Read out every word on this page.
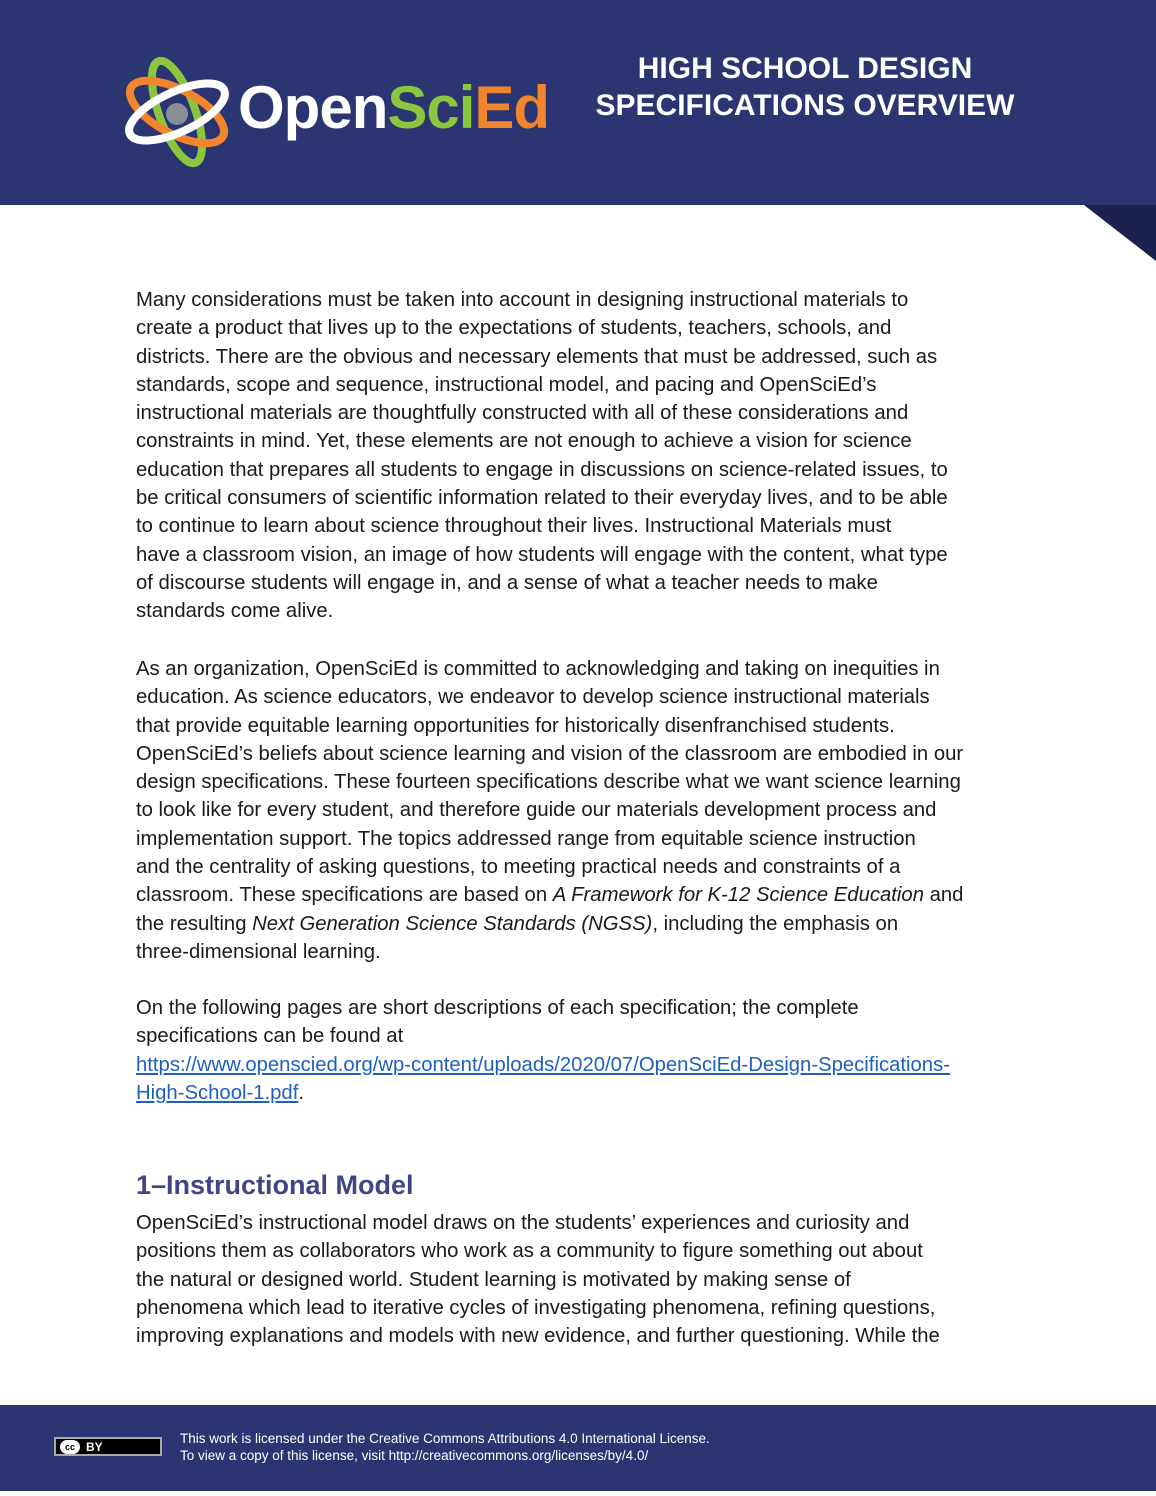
OpenSciEd
HIGH SCHOOL DESIGN
SPECIFICATIONS OVERVIEW
Many considerations must be taken into account in designing instructional materials to
create a product that lives up to the expectations of students, teachers, schools, and
districts. There are the obvious and necessary elements that must be addressed, such as
standards, scope and sequence, instructional model, and pacing and OpenSciEd’s
instructional materials are thoughtfully constructed with all of these considerations and
constraints in mind. Yet, these elements are not enough to achieve a vision for science
education that prepares all students to engage in discussions on science-related issues, to
be critical consumers of scientific information related to their everyday lives, and to be able
to continue to learn about science throughout their lives. Instructional Materials must
have a classroom vision, an image of how students will engage with the content, what type
of discourse students will engage in, and a sense of what a teacher needs to make
standards come alive.
As an organization, OpenSciEd is committed to acknowledging and taking on inequities in
education. As science educators, we endeavor to develop science instructional materials
that provide equitable learning opportunities for historically disenfranchised students.
OpenSciEd’s beliefs about science learning and vision of the classroom are embodied in our
design specifications. These fourteen specifications describe what we want science learning
to look like for every student, and therefore guide our materials development process and
implementation support. The topics addressed range from equitable science instruction
and the centrality of asking questions, to meeting practical needs and constraints of a
classroom. These specifications are based on A Framework for K-12 Science Education and
the resulting Next Generation Science Standards (NGSS), including the emphasis on
three-dimensional learning.
On the following pages are short descriptions of each specification; the complete
specifications can be found at
https://www.openscied.org/wp-content/uploads/2020/07/OpenSciEd-Design-Specifications-
High-School-1.pdf.
1–Instructional Model
OpenSciEd’s instructional model draws on the students’ experiences and curiosity and
positions them as collaborators who work as a community to figure something out about
the natural or designed world. Student learning is motivated by making sense of
phenomena which lead to iterative cycles of investigating phenomena, refining questions,
improving explanations and models with new evidence, and further questioning. While the
cc BY
This work is licensed under the Creative Commons Attributions 4.0 International License.
To view a copy of this license, visit http://creativecommons.org/licenses/by/4.0/
